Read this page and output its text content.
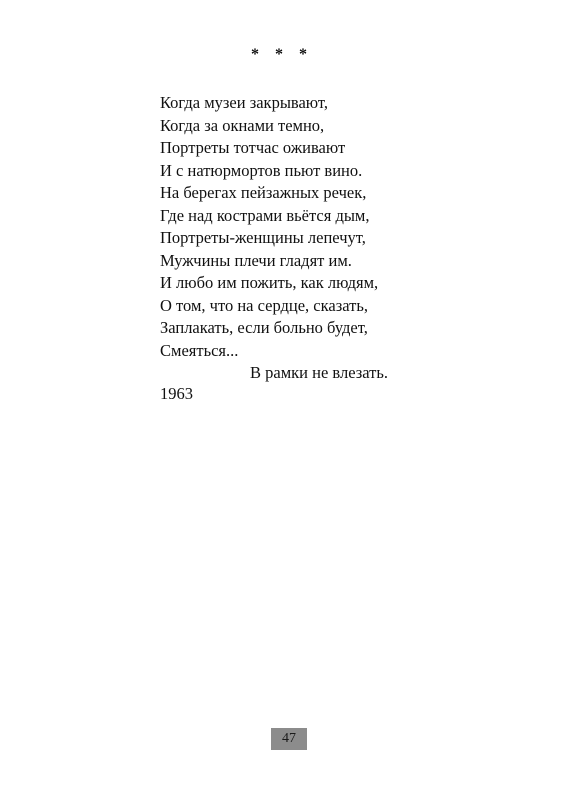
* * *
Когда музеи закрывают,
Когда за окнами темно,
Портреты тотчас оживают
И с натюрмортов пьют вино.
На берегах пейзажных речек,
Где над кострами вьётся дым,
Портреты-женщины лепечут,
Мужчины плечи гладят им.
И любо им пожить, как людям,
О том, что на сердце, сказать,
Заплакать, если больно будет,
Смеяться...
В рамки не влезать.
1963
47
